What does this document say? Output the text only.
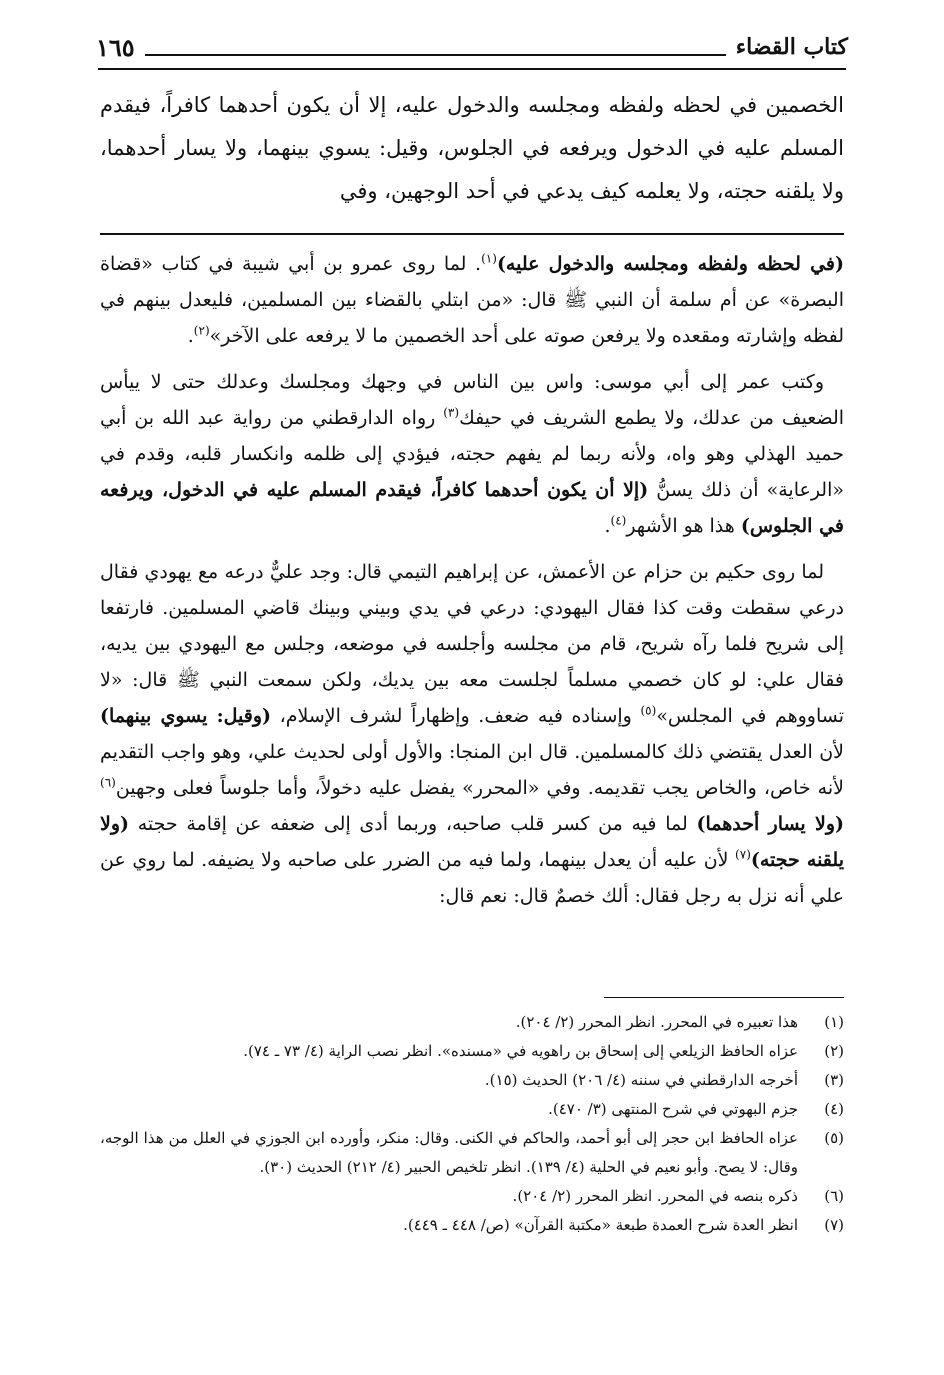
كتاب القضاء
١٦٥

الخصمين في لحظه ولفظه ومجلسه والدخول عليه، إلا أن يكون أحدهما كافراً، فيقدم المسلم عليه في الدخول ويرفعه في الجلوس، وقيل: يسوي بينهما، ولا يسار أحدهما، ولا يلقنه حجته، ولا يعلمه كيف يدعي في أحد الوجهين، وفي

(في لحظه ولفظه ومجلسه والدخول عليه)$^{(١)}$. لما روى عمرو بن أبي شيبة في كتاب «قضاة البصرة» عن أم سلمة أن النبي ﷺ قال: «من ابتلي بالقضاء بين المسلمين، فليعدل بينهم في لفظه وإشارته ومقعده ولا يرفعن صوته على أحد الخصمين ما لا يرفعه على الآخر»$^{(٢)}$.

وكتب عمر إلى أبي موسى: واس بين الناس في وجهك ومجلسك وعدلك حتى لا ييأس الضعيف من عدلك، ولا يطمع الشريف في حيفك$^{(٣)}$ رواه الدارقطني من رواية عبد الله بن أبي حميد الهذلي وهو واه، ولأنه ربما لم يفهم حجته، فيؤدي إلى ظلمه وانكسار قلبه، وقدم في «الرعاية» أن ذلك يسنُّ (إلا أن يكون أحدهما كافراً، فيقدم المسلم عليه في الدخول، ويرفعه في الجلوس) هذا هو الأشهر$^{(٤)}$.

لما روى حكيم بن حزام عن الأعمش، عن إبراهيم التيمي قال: وجد عليٌّ درعه مع يهودي فقال درعي سقطت وقت كذا فقال اليهودي: درعي في يدي وبيني وبينك قاضي المسلمين. فارتفعا إلى شريح فلما رآه شريح، قام من مجلسه وأجلسه في موضعه، وجلس مع اليهودي بين يديه، فقال علي: لو كان خصمي مسلماً لجلست معه بين يديك، ولكن سمعت النبي ﷺ قال: «لا تساووهم في المجلس»$^{(٥)}$ وإسناده فيه ضعف. وإظهاراً لشرف الإسلام، (وقيل: يسوي بينهما) لأن العدل يقتضي ذلك كالمسلمين. قال ابن المنجا: والأول أولى لحديث علي، وهو واجب التقديم لأنه خاص، والخاص يجب تقديمه. وفي «المحرر» يفضل عليه دخولاً، وأما جلوساً فعلى وجهين$^{(٦)}$ (ولا يسار أحدهما) لما فيه من كسر قلب صاحبه، وربما أدى إلى ضعفه عن إقامة حجته (ولا يلقنه حجته)$^{(٧)}$ لأن عليه أن يعدل بينهما، ولما فيه من الضرر على صاحبه ولا يضيفه. لما روي عن علي أنه نزل به رجل فقال: ألك خصمٌ قال: نعم قال:

(١)
هذا تعبيره في المحرر. انظر المحرر (٢/ ٢٠٤).
(٢)
عزاه الحافظ الزيلعي إلى إسحاق بن راهويه في «مسنده». انظر نصب الراية (٤/ ٧٣ ـ ٧٤).
(٣)
أخرجه الدارقطني في سننه (٤/ ٢٠٦) الحديث (١٥).
(٤)
جزم البهوتي في شرح المنتهى (٣/ ٤٧٠).
(٥)
عزاه الحافظ ابن حجر إلى أبو أحمد، والحاكم في الكنى. وقال: منكر، وأورده ابن الجوزي في العلل من هذا الوجه، وقال: لا يصح. وأبو نعيم في الحلية (٤/ ١٣٩). انظر تلخيص الحبير (٤/ ٢١٢) الحديث (٣٠).
(٦)
ذكره بنصه في المحرر. انظر المحرر (٢/ ٢٠٤).
(٧)
انظر العدة شرح العمدة طبعة «مكتبة القرآن» (ص/ ٤٤٨ ـ ٤٤٩).
